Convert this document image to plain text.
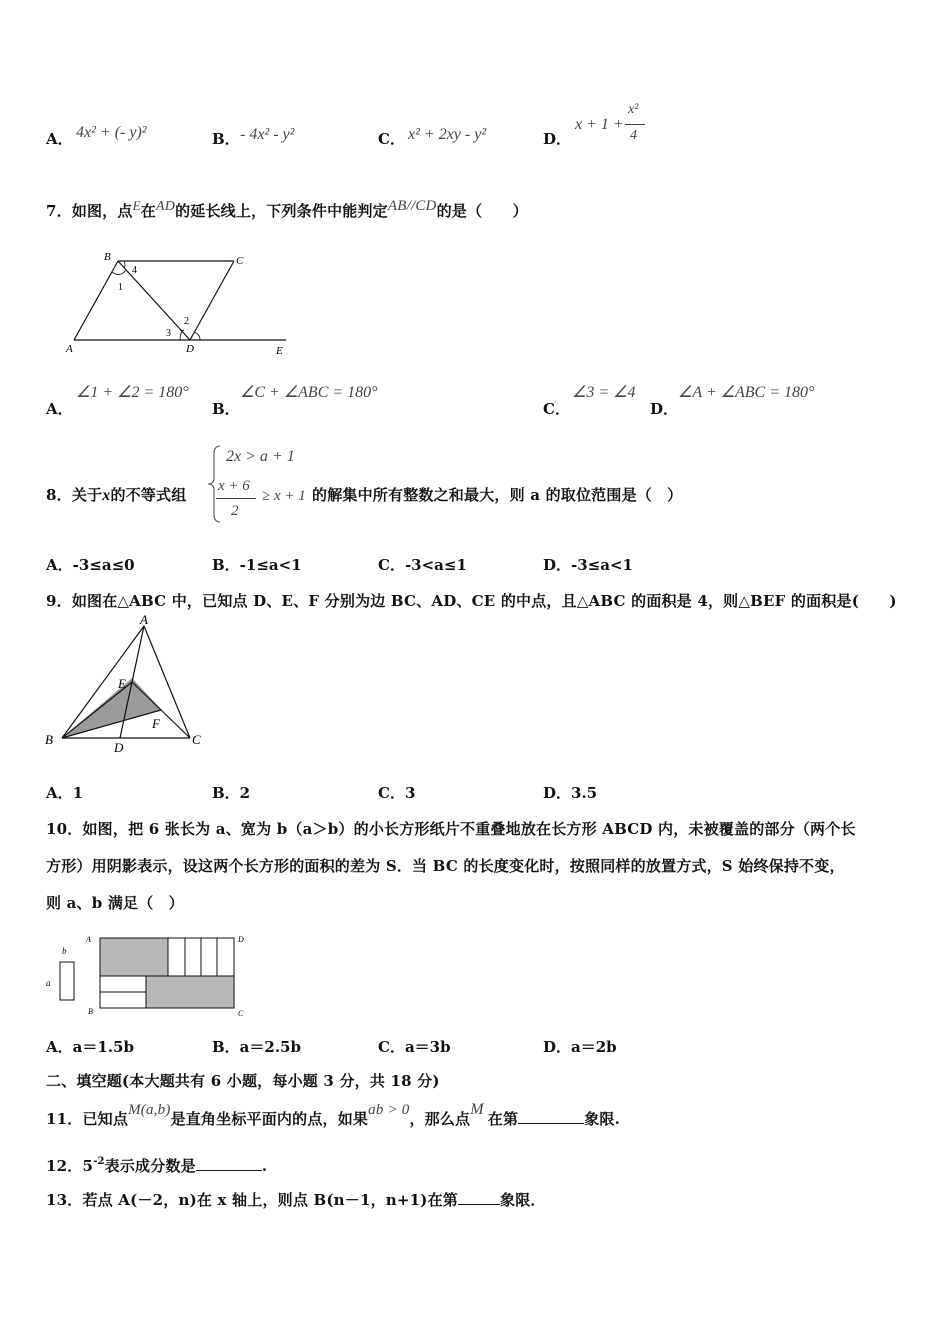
A． 4x² + (- y)²	B． - 4x² - y²	C． x² + 2xy - y²	D．
x + 1 +
x²
4
7．如图，点E在AD的延长线上，下列条件中能判定AB//CD的是（　　）
B	C
A	D	E
1
2
3
4
A．
∠1 + ∠2 = 180°
B．
∠C + ∠ABC = 180°
C．
∠3 = ∠4
D．
∠A + ∠ABC = 180°
8．关于x的不等式组
2x > a + 1
x + 6
2
≥ x + 1 的解集中所有整数之和最大，则 a 的取位范围是（　）
A．-3≤a≤0	B．-1≤a<1	C．-3<a≤1	D．-3≤a<1
9．如图在△ABC 中，已知点 D、E、F 分别为边 BC、AD、CE 的中点，且△ABC 的面积是 4，则△BEF 的面积是(　　)
A
B	C
D
E
F
A．1	B．2	C．3	D．3.5
10．如图，把 6 张长为 a、宽为 b（a＞b）的小长方形纸片不重叠地放在长方形 ABCD 内，未被覆盖的部分（两个长
方形）用阴影表示，设这两个长方形的面积的差为 S．当 BC 的长度变化时，按照同样的放置方式，S 始终保持不变，
则 a、b 满足（　）
a
b
A
B	C
D
A．a＝1.5b	B．a＝2.5b	C．a＝3b	D．a＝2b
二、填空题(本大题共有 6 小题，每小题 3 分，共 18 分)
11．已知点M(a,b)是直角坐标平面内的点，如果ab > 0，那么点M在第	象限.
12．$5^{-2}$表示成分数是	.
13．若点 A(－2，n)在 x 轴上，则点 B(n－1，n+1)在第	象限．
